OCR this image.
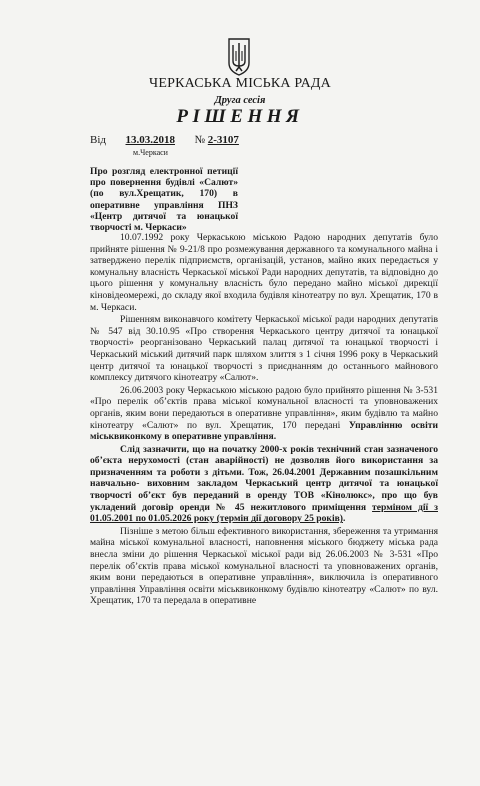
ЧЕРКАСЬКА МІСЬКА РАДА
Друга сесія
РІШЕННЯ
Від 13.03.2018 № 2-3107
м.Черкаси
Про розгляд електронної петиції про повернення будівлі «Салют» (по вул.Хрещатик, 170) в оперативне управління ПНЗ «Центр дитячої та юнацької творчості м. Черкаси»

10.07.1992 року Черкаською міською Радою народних депутатів було прийняте рішення № 9-21/8 про розмежування державного та комунального майна і затверджено перелік підприємств, організацій, установ, майно яких передається у комунальну власність Черкаської міської Ради народних депутатів, та відповідно до цього рішення у комунальну власність було передано майно міської дирекції кіновідеомережі, до складу якої входила будівля кінотеатру по вул. Хрещатик, 170 в м. Черкаси.

Рішенням виконавчого комітету Черкаської міської ради народних депутатів № 547 від 30.10.95 «Про створення Черкаського центру дитячої та юнацької творчості» реорганізовано Черкаський палац дитячої та юнацької творчості і Черкаський міський дитячий парк шляхом злиття з 1 січня 1996 року в Черкаський центр дитячої та юнацької творчості з приєднанням до останнього майнового комплексу дитячого кінотеатру «Салют».

26.06.2003 року Черкаською міською радою було прийнято рішення № 3-531 «Про перелік об’єктів права міської комунальної власності та уповноважених органів, яким вони передаються в оперативне управління», яким будівлю та майно кінотеатру «Салют» по вул. Хрещатик, 170 передані Управлінню освіти міськвиконкому в оперативне управління.

Слід зазначити, що на початку 2000-х років технічний стан зазначеного об’єкта нерухомості (стан аварійності) не дозволяв його використання за призначенням та роботи з дітьми. Тож, 26.04.2001 Державним позашкільним навчально- виховним закладом Черкаський центр дитячої та юнацької творчості об’єкт був переданий в оренду ТОВ «Кінолюкс», про що був укладений договір оренди № 45 нежитлового приміщення терміном дії з 01.05.2001 по 01.05.2026 року (термін дії договору 25 років).

Пізніше з метою більш ефективного використання, збереження та утримання майна міської комунальної власності, наповнення міського бюджету міська рада внесла зміни до рішення Черкаської міської ради від 26.06.2003 № 3-531 «Про перелік об’єктів права міської комунальної власності та уповноважених органів, яким вони передаються в оперативне управління», виключила із оперативного управління Управління освіти міськвиконкому будівлю кінотеатру «Салют» по вул. Хрещатик, 170 та передала в оперативне
